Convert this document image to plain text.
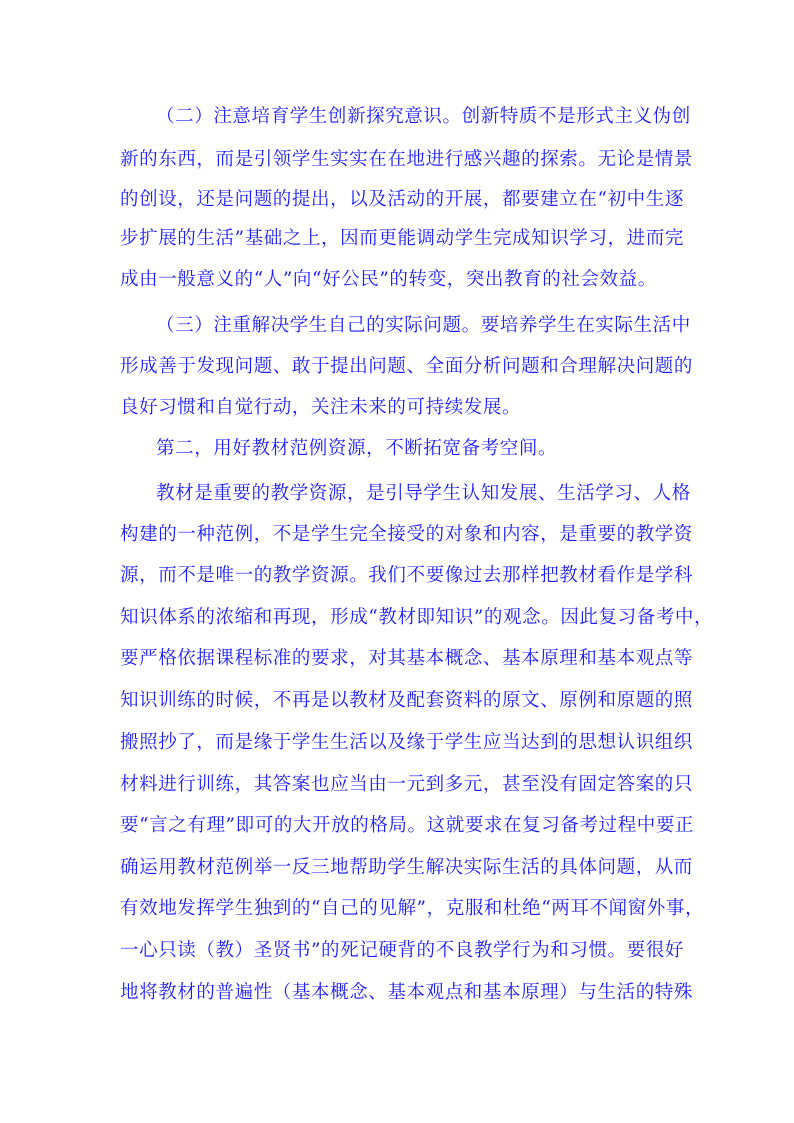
（二）注意培育学生创新探究意识。创新特质不是形式主义伪创
新的东西，而是引领学生实实在在地进行感兴趣的探索。无论是情景
的创设，还是问题的提出，以及活动的开展，都要建立在“初中生逐
步扩展的生活”基础之上，因而更能调动学生完成知识学习，进而完
成由一般意义的“人”向“好公民”的转变，突出教育的社会效益。
（三）注重解决学生自己的实际问题。要培养学生在实际生活中
形成善于发现问题、敢于提出问题、全面分析问题和合理解决问题的
良好习惯和自觉行动，关注未来的可持续发展。
第二，用好教材范例资源，不断拓宽备考空间。
教材是重要的教学资源，是引导学生认知发展、生活学习、人格
构建的一种范例，不是学生完全接受的对象和内容，是重要的教学资
源，而不是唯一的教学资源。我们不要像过去那样把教材看作是学科
知识体系的浓缩和再现，形成“教材即知识”的观念。因此复习备考中，
要严格依据课程标准的要求，对其基本概念、基本原理和基本观点等
知识训练的时候，不再是以教材及配套资料的原文、原例和原题的照
搬照抄了，而是缘于学生生活以及缘于学生应当达到的思想认识组织
材料进行训练，其答案也应当由一元到多元，甚至没有固定答案的只
要“言之有理”即可的大开放的格局。这就要求在复习备考过程中要正
确运用教材范例举一反三地帮助学生解决实际生活的具体问题，从而
有效地发挥学生独到的“自己的见解”，克服和杜绝“两耳不闻窗外事，
一心只读（教）圣贤书”的死记硬背的不良教学行为和习惯。要很好
地将教材的普遍性（基本概念、基本观点和基本原理）与生活的特殊
